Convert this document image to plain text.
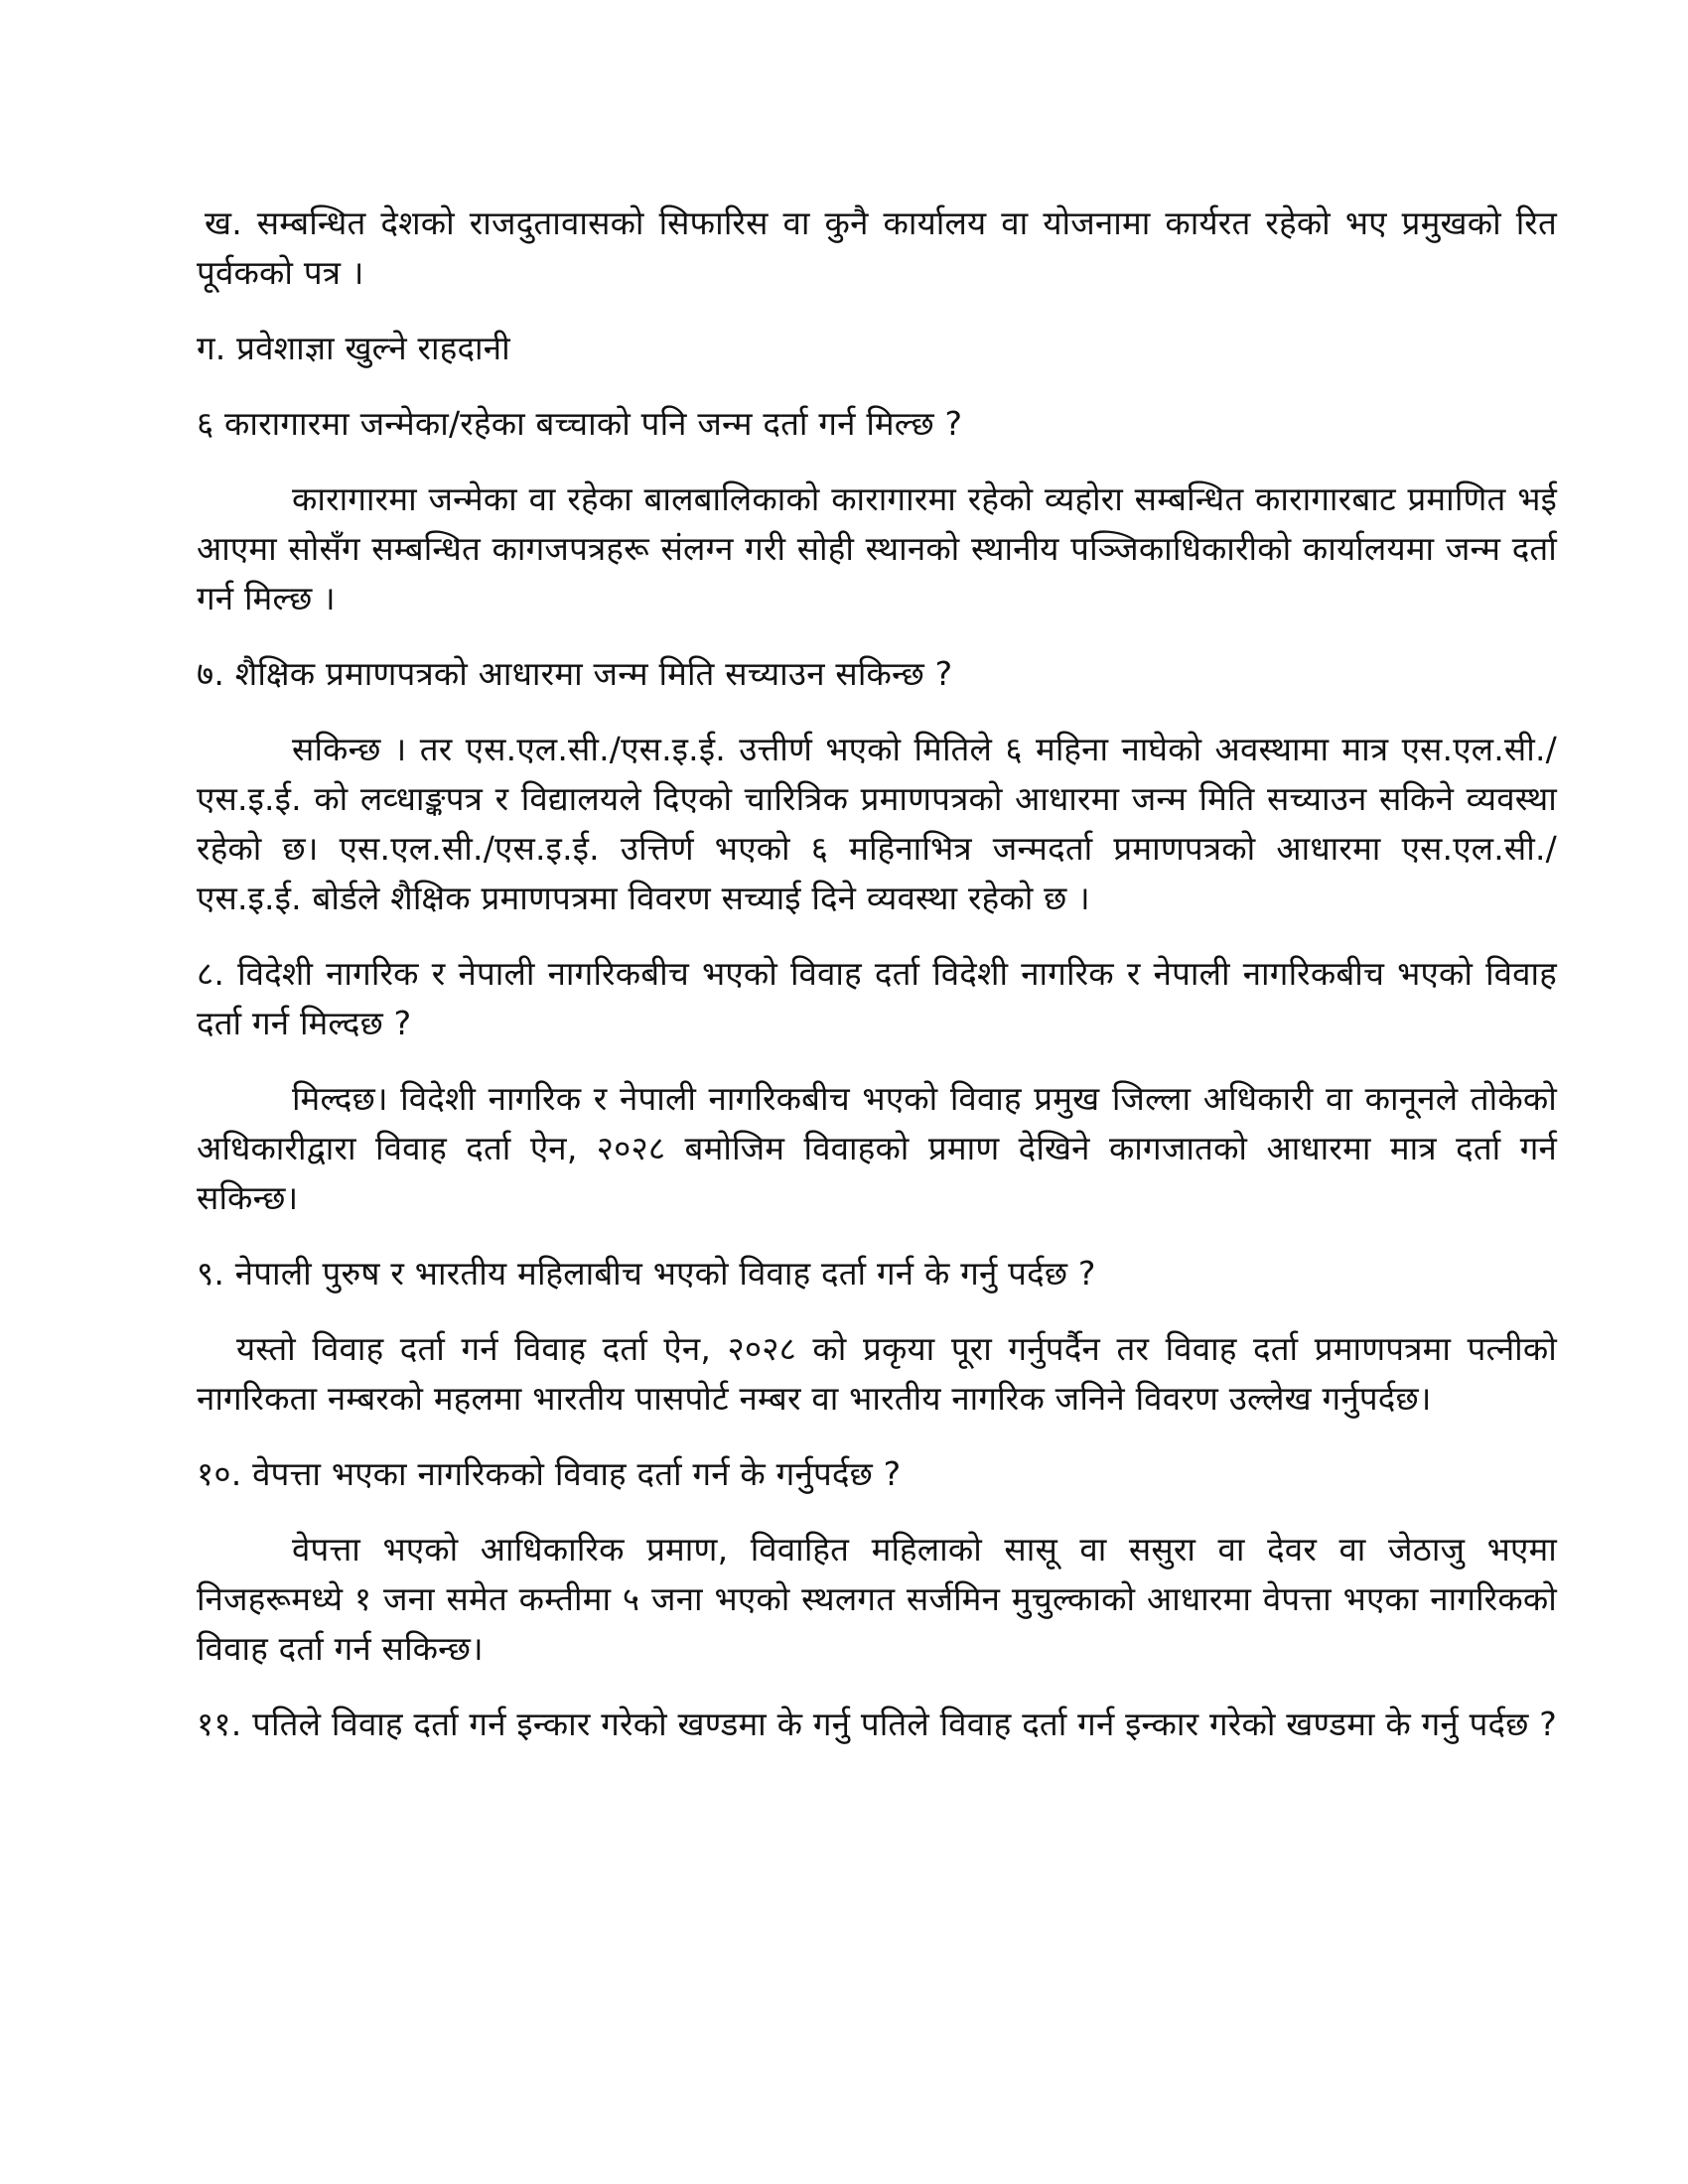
ख. सम्बन्धित देशको राजदुतावासको सिफारिस वा कुनै कार्यालय वा योजनामा कार्यरत रहेको भए प्रमुखको रित पूर्वकको पत्र ।

ग. प्रवेशाज्ञा खुल्ने राहदानी

६ कारागारमा जन्मेका/रहेका बच्चाको पनि जन्म दर्ता गर्न मिल्छ ?

कारागारमा जन्मेका वा रहेका बालबालिकाको कारागारमा रहेको व्यहोरा सम्बन्धित कारागारबाट प्रमाणित भई आएमा सोसँग सम्बन्धित कागजपत्रहरू संलग्न गरी सोही स्थानको स्थानीय पञ्जिकाधिकारीको कार्यालयमा जन्म दर्ता गर्न मिल्छ ।

७. शैक्षिक प्रमाणपत्रको आधारमा जन्म मिति सच्याउन सकिन्छ ?

सकिन्छ । तर एस.एल.सी./एस.इ.ई. उत्तीर्ण भएको मितिले ६ महिना नाघेको अवस्थामा मात्र एस.एल.सी./एस.इ.ई. को लव्धाङ्कपत्र र विद्यालयले दिएको चारित्रिक प्रमाणपत्रको आधारमा जन्म मिति सच्याउन सकिने व्यवस्था रहेको छ। एस.एल.सी./एस.इ.ई. उत्तिर्ण भएको ६ महिनाभित्र जन्मदर्ता प्रमाणपत्रको आधारमा एस.एल.सी./एस.इ.ई. बोर्डले शैक्षिक प्रमाणपत्रमा विवरण सच्याई दिने व्यवस्था रहेको छ ।

८. विदेशी नागरिक र नेपाली नागरिकबीच भएको विवाह दर्ता विदेशी नागरिक र नेपाली नागरिकबीच भएको विवाह दर्ता गर्न मिल्दछ ?

मिल्दछ। विदेशी नागरिक र नेपाली नागरिकबीच भएको विवाह प्रमुख जिल्ला अधिकारी वा कानूनले तोकेको अधिकारीद्वारा विवाह दर्ता ऐन, २०२८ बमोजिम विवाहको प्रमाण देखिने कागजातको आधारमा मात्र दर्ता गर्न सकिन्छ।

९. नेपाली पुरुष र भारतीय महिलाबीच भएको विवाह दर्ता गर्न के गर्नु पर्दछ ?

यस्तो विवाह दर्ता गर्न विवाह दर्ता ऐन, २०२८ को प्रकृया पूरा गर्नुपर्दैन तर विवाह दर्ता प्रमाणपत्रमा पत्नीको नागरिकता नम्बरको महलमा भारतीय पासपोर्ट नम्बर वा भारतीय नागरिक जनिने विवरण उल्लेख गर्नुपर्दछ।

१०. वेपत्ता भएका नागरिकको विवाह दर्ता गर्न के गर्नुपर्दछ ?

वेपत्ता भएको आधिकारिक प्रमाण, विवाहित महिलाको सासू वा ससुरा वा देवर वा जेठाजु भएमा निजहरूमध्ये १ जना समेत कम्तीमा ५ जना भएको स्थलगत सर्जमिन मुचुल्काको आधारमा वेपत्ता भएका नागरिकको विवाह दर्ता गर्न सकिन्छ।

११. पतिले विवाह दर्ता गर्न इन्कार गरेको खण्डमा के गर्नु पतिले विवाह दर्ता गर्न इन्कार गरेको खण्डमा के गर्नु पर्दछ ?
